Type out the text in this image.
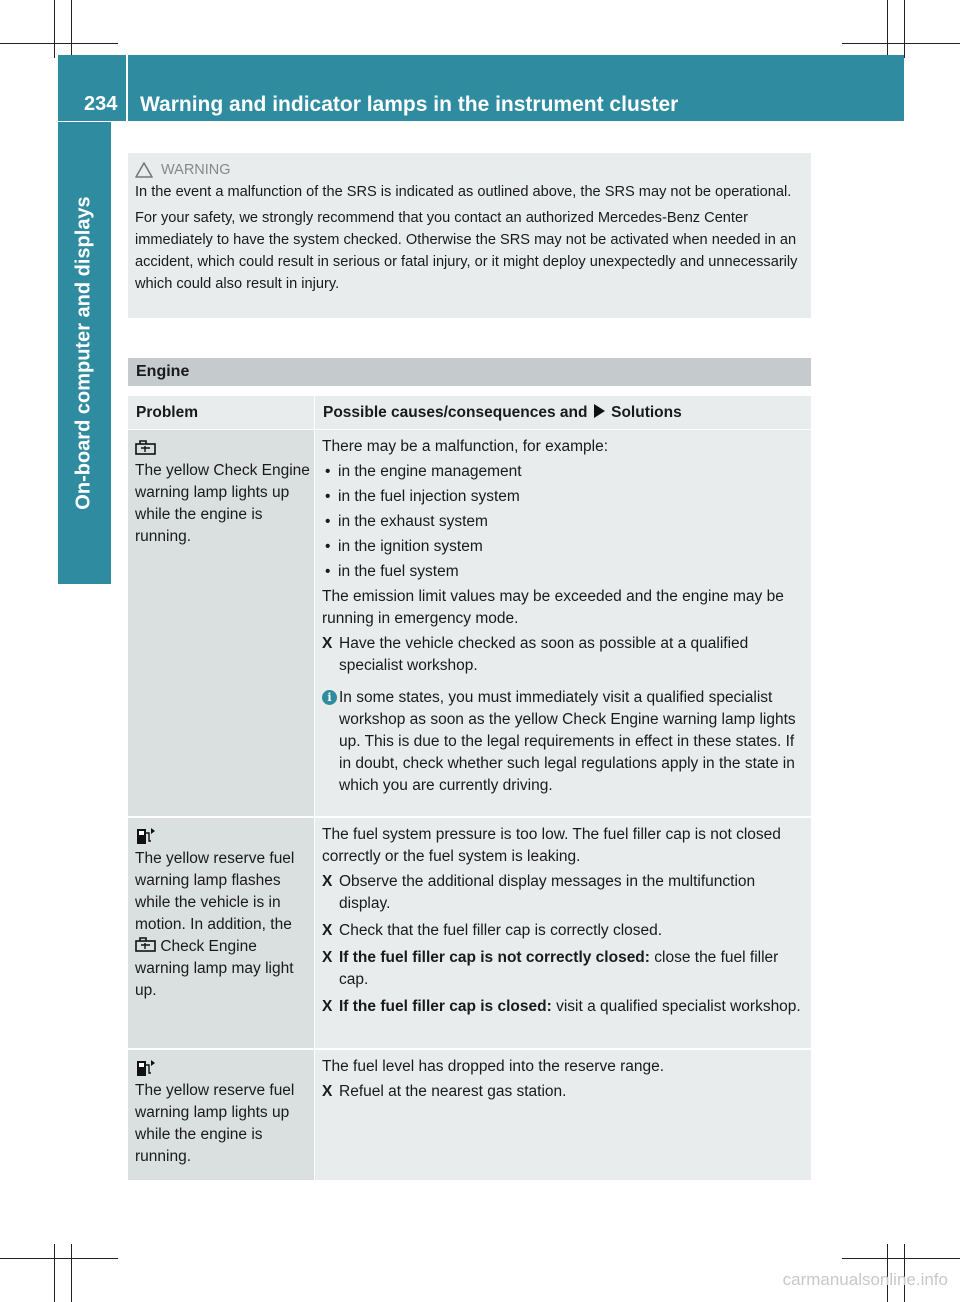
234	Warning and indicator lamps in the instrument cluster
On-board computer and displays
WARNING

In the event a malfunction of the SRS is indicated as outlined above, the SRS may not be operational.

For your safety, we strongly recommend that you contact an authorized Mercedes-Benz Center immediately to have the system checked. Otherwise the SRS may not be activated when needed in an accident, which could result in serious or fatal injury, or it might deploy unexpectedly and unnecessarily which could also result in injury.

Engine
Problem	Possible causes/consequences and Solutions
The yellow Check Engine warning lamp lights up while the engine is running.

There may be a malfunction, for example:

• in the engine management
• in the fuel injection system
• in the exhaust system
• in the ignition system
• in the fuel system

The emission limit values may be exceeded and the engine may be running in emergency mode.

X Have the vehicle checked as soon as possible at a qualified specialist workshop.
i In some states, you must immediately visit a qualified specialist workshop as soon as the yellow Check Engine warning lamp lights up. This is due to the legal requirements in effect in these states. If in doubt, check whether such legal regulations apply in the state in which you are currently driving.
The yellow reserve fuel warning lamp flashes while the vehicle is in motion. In addition, the  Check Engine warning lamp may light up.

The fuel system pressure is too low. The fuel filler cap is not closed correctly or the fuel system is leaking.

X Observe the additional display messages in the multifunction display.
X Check that the fuel filler cap is correctly closed.
X If the fuel filler cap is not correctly closed: close the fuel filler cap.
X If the fuel filler cap is closed: visit a qualified specialist workshop.
The yellow reserve fuel warning lamp lights up while the engine is running.

The fuel level has dropped into the reserve range.

X Refuel at the nearest gas station.
carmanualsonline.info
